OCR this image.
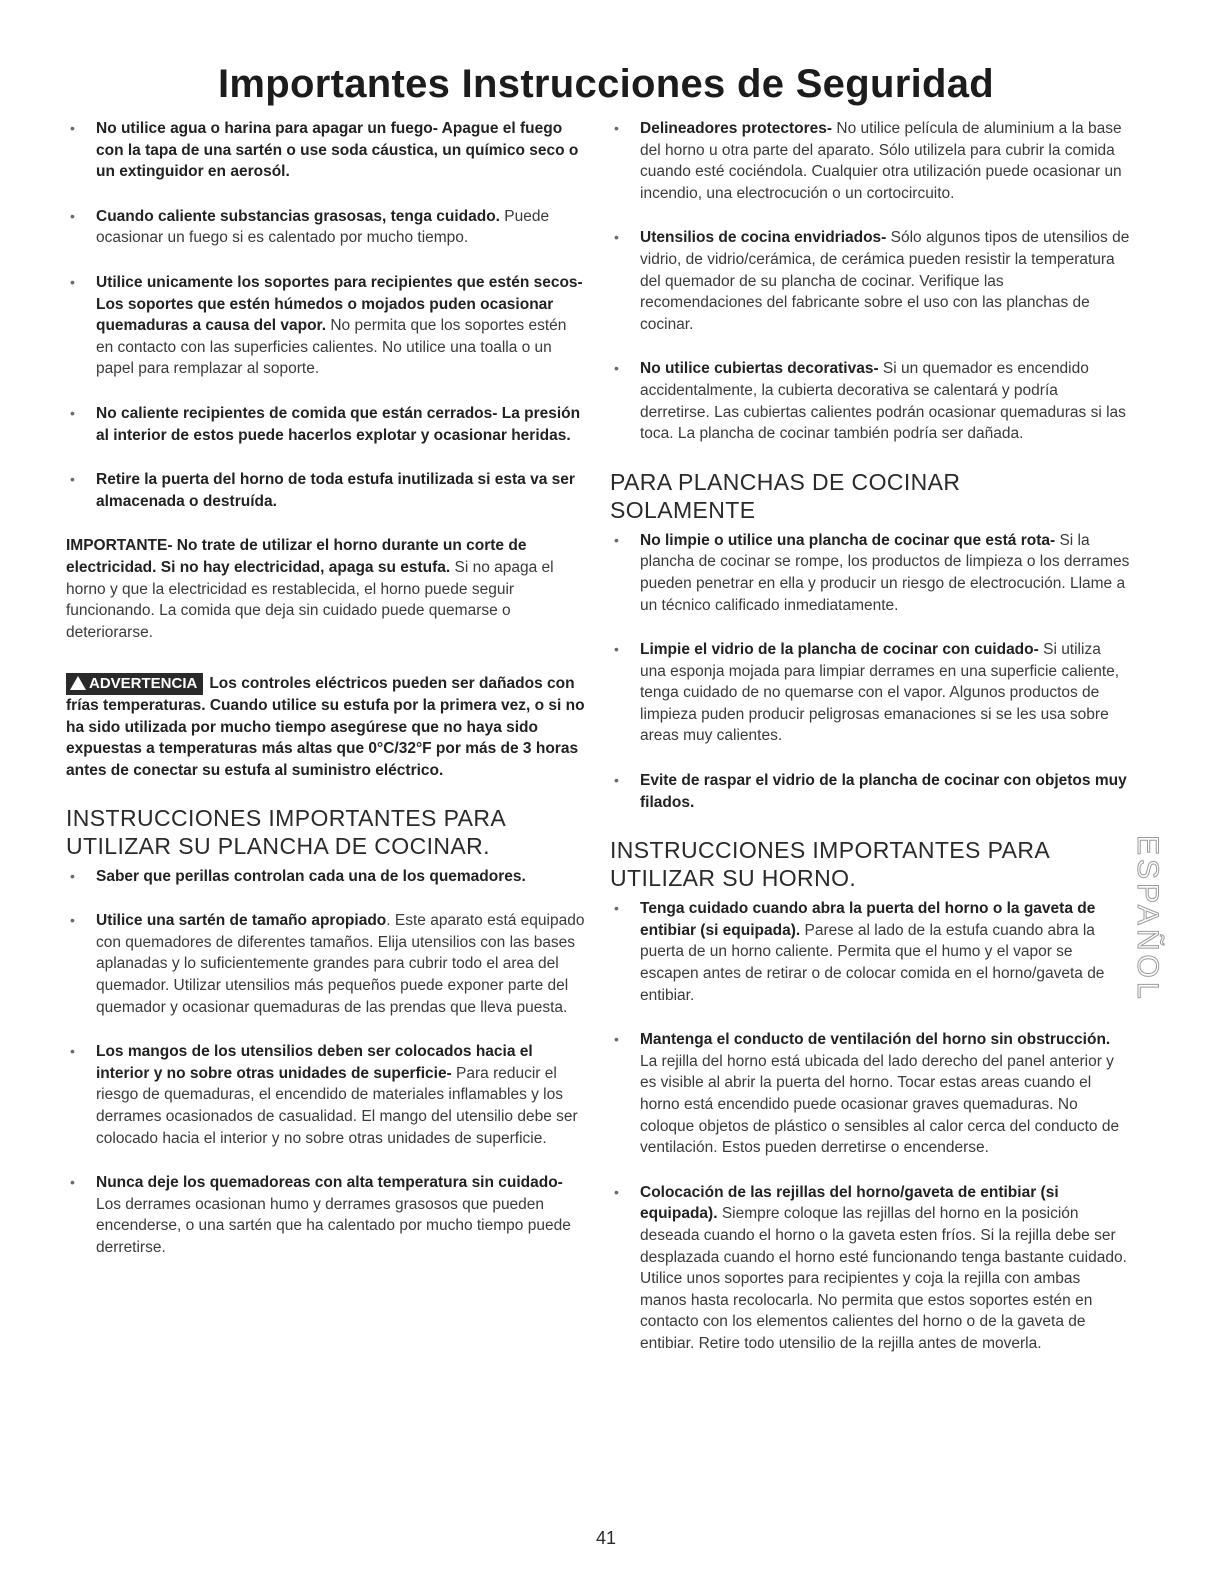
Importantes Instrucciones de Seguridad
• No utilice agua o harina para apagar un fuego- Apague el fuego con la tapa de una sartén o use soda cáustica, un químico seco o un extinguidor en aerosól.
• Cuando caliente substancias grasosas, tenga cuidado. Puede ocasionar un fuego si es calentado por mucho tiempo.
• Utilice unicamente los soportes para recipientes que estén secos- Los soportes que estén húmedos o mojados puden ocasionar quemaduras a causa del vapor. No permita que los soportes estén en contacto con las superficies calientes. No utilice una toalla o un papel para remplazar al soporte.
• No caliente recipientes de comida que están cerrados- La presión al interior de estos puede hacerlos explotar y ocasionar heridas.
• Retire la puerta del horno de toda estufa inutilizada si esta va ser almacenada o destruída.
IMPORTANTE- No trate de utilizar el horno durante un corte de electricidad. Si no hay electricidad, apaga su estufa. Si no apaga el horno y que la electricidad es restablecida, el horno puede seguir funcionando. La comida que deja sin cuidado puede quemarse o deteriorarse.
ADVERTENCIA Los controles eléctricos pueden ser dañados con frías temperaturas. Cuando utilice su estufa por la primera vez, o si no ha sido utilizada por mucho tiempo asegúrese que no haya sido expuestas a temperaturas más altas que 0°C/32°F por más de 3 horas antes de conectar su estufa al suministro eléctrico.
INSTRUCCIONES IMPORTANTES PARA
UTILIZAR SU PLANCHA DE COCINAR.
• Saber que perillas controlan cada una de los quemadores.
• Utilice una sartén de tamaño apropiado. Este aparato está equipado con quemadores de diferentes tamaños. Elija utensilios con las bases aplanadas y lo suficientemente grandes para cubrir todo el area del quemador. Utilizar utensilios más pequeños puede exponer parte del quemador y ocasionar quemaduras de las prendas que lleva puesta.
• Los mangos de los utensilios deben ser colocados hacia el interior y no sobre otras unidades de superficie- Para reducir el riesgo de quemaduras, el encendido de materiales inflamables y los derrames ocasionados de casualidad. El mango del utensilio debe ser colocado hacia el interior y no sobre otras unidades de superficie.
• Nunca deje los quemadoreas con alta temperatura sin cuidado- Los derrames ocasionan humo y derrames grasosos que pueden encenderse, o una sartén que ha calentado por mucho tiempo puede derretirse.
• Delineadores protectores- No utilice película de aluminium a la base del horno u otra parte del aparato. Sólo utilizela para cubrir la comida cuando esté cociéndola. Cualquier otra utilización puede ocasionar un incendio, una electrocución o un cortocircuito.
• Utensilios de cocina envidriados- Sólo algunos tipos de utensilios de vidrio, de vidrio/cerámica, de cerámica pueden resistir la temperatura del quemador de su plancha de cocinar. Verifique las recomendaciones del fabricante sobre el uso con las planchas de cocinar.
• No utilice cubiertas decorativas- Si un quemador es encendido accidentalmente, la cubierta decorativa se calentará y podría derretirse. Las cubiertas calientes podrán ocasionar quemaduras si las toca. La plancha de cocinar también podría ser dañada.
PARA PLANCHAS DE COCINAR
SOLAMENTE
• No limpie o utilice una plancha de cocinar que está rota- Si la plancha de cocinar se rompe, los productos de limpieza o los derrames pueden penetrar en ella y producir un riesgo de electrocución. Llame a un técnico calificado inmediatamente.
• Limpie el vidrio de la plancha de cocinar con cuidado- Si utiliza una esponja mojada para limpiar derrames en una superficie caliente, tenga cuidado de no quemarse con el vapor. Algunos productos de limpieza puden producir peligrosas emanaciones si se les usa sobre areas muy calientes.
• Evite de raspar el vidrio de la plancha de cocinar con objetos muy filados.
INSTRUCCIONES IMPORTANTES PARA
UTILIZAR SU HORNO.
• Tenga cuidado cuando abra la puerta del horno o la gaveta de entibiar (si equipada). Parese al lado de la estufa cuando abra la puerta de un horno caliente. Permita que el humo y el vapor se escapen antes de retirar o de colocar comida en el horno/gaveta de entibiar.
• Mantenga el conducto de ventilación del horno sin obstrucción. La rejilla del horno está ubicada del lado derecho del panel anterior y es visible al abrir la puerta del horno. Tocar estas areas cuando el horno está encendido puede ocasionar graves quemaduras. No coloque objetos de plástico o sensibles al calor cerca del conducto de ventilación. Estos pueden derretirse o encenderse.
• Colocación de las rejillas del horno/gaveta de entibiar (si equipada). Siempre coloque las rejillas del horno en la posición deseada cuando el horno o la gaveta esten fríos. Si la rejilla debe ser desplazada cuando el horno esté funcionando tenga bastante cuidado. Utilice unos soportes para recipientes y coja la rejilla con ambas manos hasta recolocarla. No permita que estos soportes estén en contacto con los elementos calientes del horno o de la gaveta de entibiar. Retire todo utensilio de la rejilla antes de moverla.
ESPAÑOL
41
